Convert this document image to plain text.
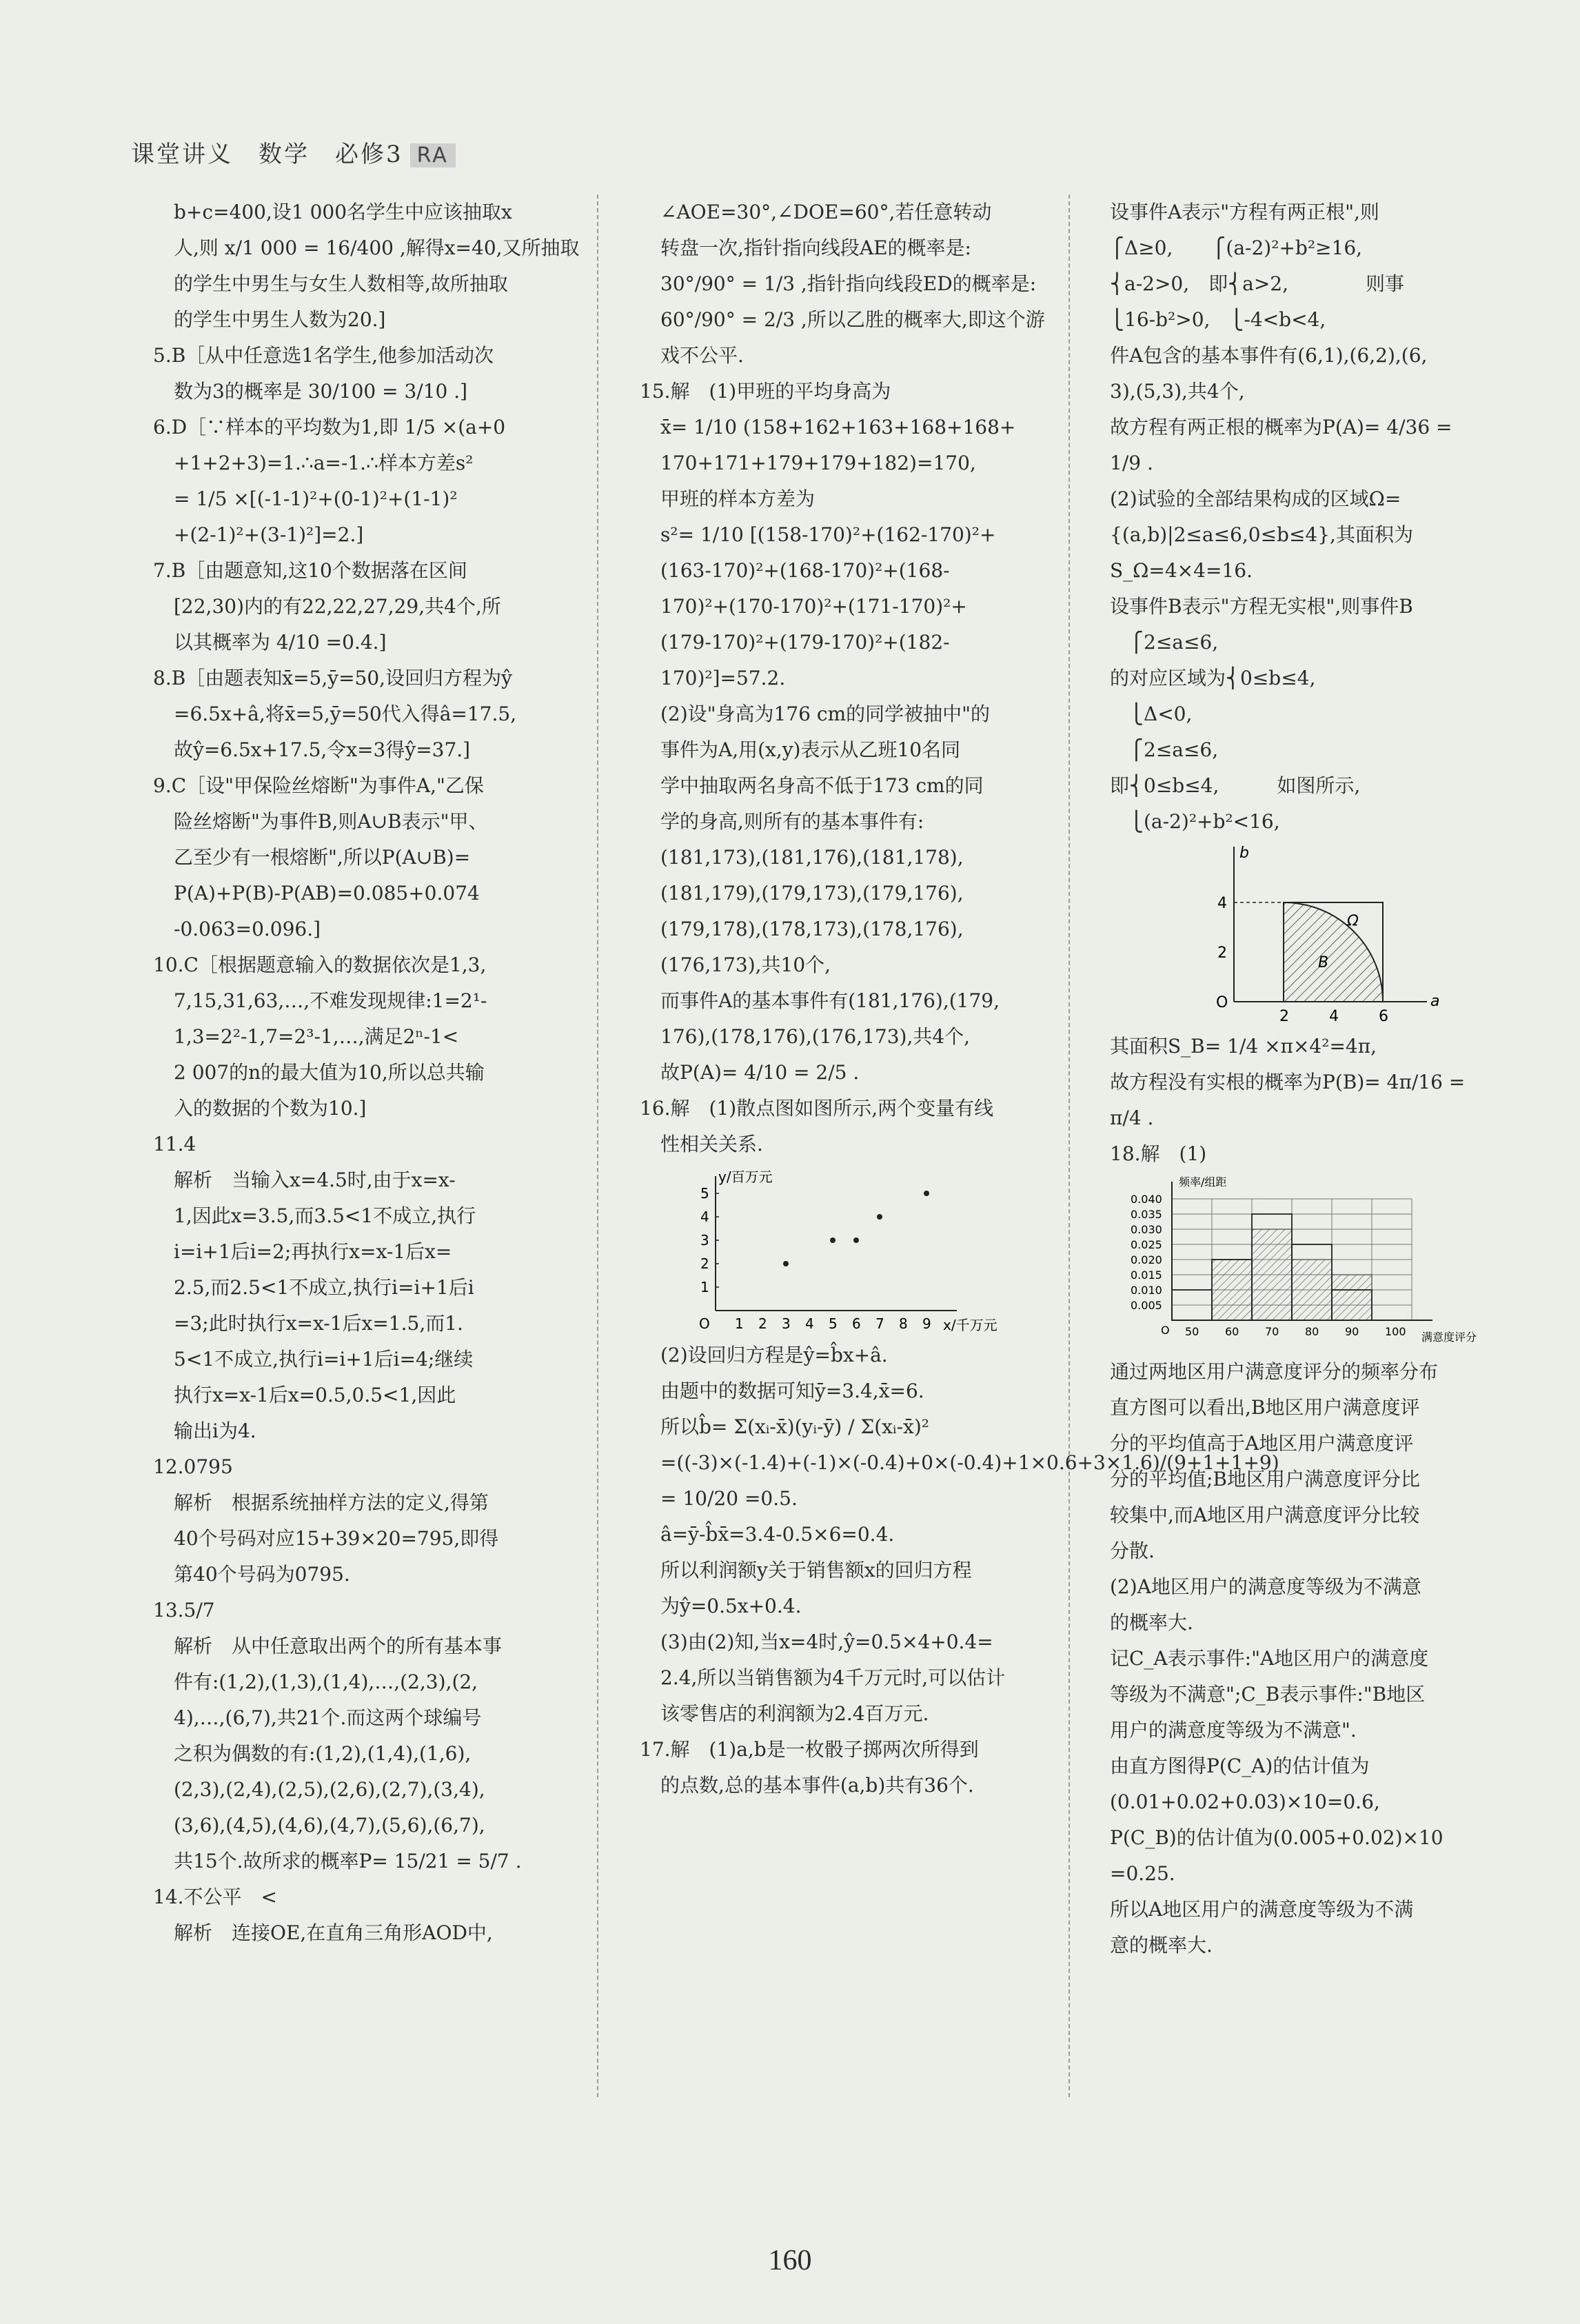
课堂讲义　数学　必修3 RA
b+c=400,设1 000名学生中应该抽取x
人,则 x/1 000 = 16/400 ,解得x=40,又所抽取
的学生中男生与女生人数相等,故所抽取
的学生中男生人数为20.]
5.B［从中任意选1名学生,他参加活动次
数为3的概率是 30/100 = 3/10 .]
6.D［∵样本的平均数为1,即 1/5 ×(a+0
+1+2+3)=1.∴a=-1.∴样本方差s²
= 1/5 ×[(-1-1)²+(0-1)²+(1-1)²
+(2-1)²+(3-1)²]=2.]
7.B［由题意知,这10个数据落在区间
[22,30)内的有22,22,27,29,共4个,所
以其概率为 4/10 =0.4.]
8.B［由题表知x̄=5,ȳ=50,设回归方程为ŷ
=6.5x+â,将x̄=5,ȳ=50代入得â=17.5,
故ŷ=6.5x+17.5,令x=3得ŷ=37.]
9.C［设"甲保险丝熔断"为事件A,"乙保
险丝熔断"为事件B,则A∪B表示"甲、
乙至少有一根熔断",所以P(A∪B)=
P(A)+P(B)-P(AB)=0.085+0.074
-0.063=0.096.]
10.C［根据题意输入的数据依次是1,3,
7,15,31,63,…,不难发现规律:1=2¹-
1,3=2²-1,7=2³-1,…,满足2ⁿ-1<
2 007的n的最大值为10,所以总共输
入的数据的个数为10.]
11.4
解析　当输入x=4.5时,由于x=x-
1,因此x=3.5,而3.5<1不成立,执行
i=i+1后i=2;再执行x=x-1后x=
2.5,而2.5<1不成立,执行i=i+1后i
=3;此时执行x=x-1后x=1.5,而1.
5<1不成立,执行i=i+1后i=4;继续
执行x=x-1后x=0.5,0.5<1,因此
输出i为4.
12.0795
解析　根据系统抽样方法的定义,得第
40个号码对应15+39×20=795,即得
第40个号码为0795.
13.5/7
解析　从中任意取出两个的所有基本事
件有:(1,2),(1,3),(1,4),…,(2,3),(2,
4),…,(6,7),共21个.而这两个球编号
之积为偶数的有:(1,2),(1,4),(1,6),
(2,3),(2,4),(2,5),(2,6),(2,7),(3,4),
(3,6),(4,5),(4,6),(4,7),(5,6),(6,7),
共15个.故所求的概率P= 15/21 = 5/7 .
14.不公平　<
解析　连接OE,在直角三角形AOD中,
∠AOE=30°,∠DOE=60°,若任意转动
转盘一次,指针指向线段AE的概率是:
30°/90° = 1/3 ,指针指向线段ED的概率是:
60°/90° = 2/3 ,所以乙胜的概率大,即这个游
戏不公平.
15.解　(1)甲班的平均身高为
x̄= 1/10 (158+162+163+168+168+
170+171+179+179+182)=170,
甲班的样本方差为
s²= 1/10 [(158-170)²+(162-170)²+
(163-170)²+(168-170)²+(168-
170)²+(170-170)²+(171-170)²+
(179-170)²+(179-170)²+(182-
170)²]=57.2.
(2)设"身高为176 cm的同学被抽中"的
事件为A,用(x,y)表示从乙班10名同
学中抽取两名身高不低于173 cm的同
学的身高,则所有的基本事件有:
(181,173),(181,176),(181,178),
(181,179),(179,173),(179,176),
(179,178),(178,173),(178,176),
(176,173),共10个,
而事件A的基本事件有(181,176),(179,
176),(178,176),(176,173),共4个,
故P(A)= 4/10 = 2/5 .
16.解　(1)散点图如图所示,两个变量有线
性相关关系.
y/百万元
x/千万元
O 1 2 3 4 5 6 7 8 9
1
2
3
4
5
(2)设回归方程是ŷ=b̂x+â.
由题中的数据可知ȳ=3.4,x̄=6.
所以b̂= Σ(xᵢ-x̄)(yᵢ-ȳ) / Σ(xᵢ-x̄)²
=((-3)×(-1.4)+(-1)×(-0.4)+0×(-0.4)+1×0.6+3×1.6)/(9+1+1+9)
= 10/20 =0.5.
â=ȳ-b̂x̄=3.4-0.5×6=0.4.
所以利润额y关于销售额x的回归方程
为ŷ=0.5x+0.4.
(3)由(2)知,当x=4时,ŷ=0.5×4+0.4=
2.4,所以当销售额为4千万元时,可以估计
该零售店的利润额为2.4百万元.
17.解　(1)a,b是一枚骰子掷两次所得到
的点数,总的基本事件(a,b)共有36个.
设事件A表示"方程有两正根",则
⎧Δ≥0,　　⎧(a-2)²+b²≥16,
⎨a-2>0,　即⎨a>2,　　　　则事
⎩16-b²>0,　⎩-4<b<4,
件A包含的基本事件有(6,1),(6,2),(6,
3),(5,3),共4个,
故方程有两正根的概率为P(A)= 4/36 =
1/9 .
(2)试验的全部结果构成的区域Ω=
{(a,b)|2≤a≤6,0≤b≤4},其面积为
S_Ω=4×4=16.
设事件B表示"方程无实根",则事件B
　⎧2≤a≤6,
的对应区域为⎨0≤b≤4,
　⎩Δ<0,
　⎧2≤a≤6,
即⎨0≤b≤4,　　　如图所示,
　⎩(a-2)²+b²<16,
b
a
O
2	4	6
2
4
Ω
B
其面积S_B= 1/4 ×π×4²=4π,
故方程没有实根的概率为P(B)= 4π/16 =
π/4 .
18.解　(1)
0.040
0.035
0.030
0.025
0.020
0.015
0.010
0.005
频率/组距
满意度评分
O 50 60 70 80 90 100
通过两地区用户满意度评分的频率分布
直方图可以看出,B地区用户满意度评
分的平均值高于A地区用户满意度评
分的平均值;B地区用户满意度评分比
较集中,而A地区用户满意度评分比较
分散.
(2)A地区用户的满意度等级为不满意
的概率大.
记C_A表示事件:"A地区用户的满意度
等级为不满意";C_B表示事件:"B地区
用户的满意度等级为不满意".
由直方图得P(C_A)的估计值为
(0.01+0.02+0.03)×10=0.6,
P(C_B)的估计值为(0.005+0.02)×10
=0.25.
所以A地区用户的满意度等级为不满
意的概率大.
160
